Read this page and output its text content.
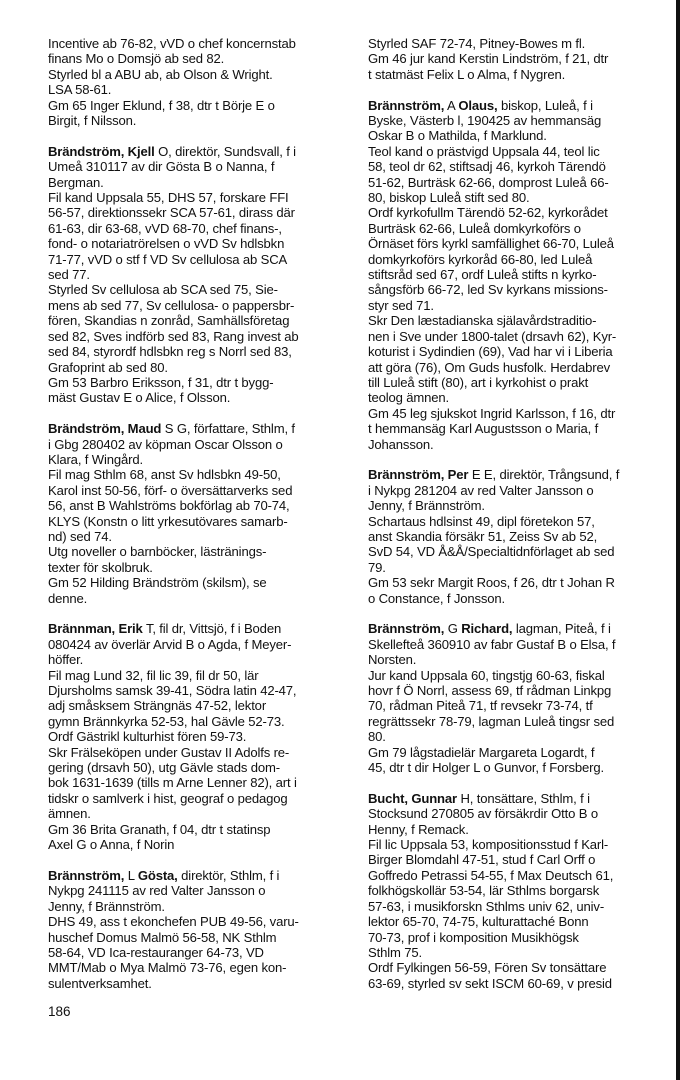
Incentive ab 76-82, vVD o chef koncernstab
finans Mo o Domsjö ab sed 82.
Styrled bl a ABU ab, ab Olson & Wright.
LSA 58-61.
Gm 65 Inger Eklund, f 38, dtr t Börje E o
Birgit, f Nilsson.
Brändström, Kjell O, direktör, Sundsvall, f i
Umeå 310117 av dir Gösta B o Nanna, f
Bergman.
Fil kand Uppsala 55, DHS 57, forskare FFI
56-57, direktionssekr SCA 57-61, dirass där
61-63, dir 63-68, vVD 68-70, chef finans-,
fond- o notariatrörelsen o vVD Sv hdlsbkn
71-77, vVD o stf f VD Sv cellulosa ab SCA
sed 77.
Styrled Sv cellulosa ab SCA sed 75, Sie-
mens ab sed 77, Sv cellulosa- o pappersbr-
fören, Skandias n zonråd, Samhällsföretag
sed 82, Sves indförb sed 83, Rang invest ab
sed 84, styrordf hdlsbkn reg s Norrl sed 83,
Grafoprint ab sed 80.
Gm 53 Barbro Eriksson, f 31, dtr t bygg-
mäst Gustav E o Alice, f Olsson.
Brändström, Maud S G, författare, Sthlm, f
i Gbg 280402 av köpman Oscar Olsson o
Klara, f Wingård.
Fil mag Sthlm 68, anst Sv hdlsbkn 49-50,
Karol inst 50-56, förf- o översättarverks sed
56, anst B Wahlströms bokförlag ab 70-74,
KLYS (Konstn o litt yrkesutövares samarb-
nd) sed 74.
Utg noveller o barnböcker, lästränings-
texter för skolbruk.
Gm 52 Hilding Brändström (skilsm), se
denne.
Brännman, Erik T, fil dr, Vittsjö, f i Boden
080424 av överlär Arvid B o Agda, f Meyer-
höffer.
Fil mag Lund 32, fil lic 39, fil dr 50, lär
Djursholms samsk 39-41, Södra latin 42-47,
adj småsksem Strängnäs 47-52, lektor
gymn Brännkyrka 52-53, hal Gävle 52-73.
Ordf Gästrikl kulturhist fören 59-73.
Skr Frälseköpen under Gustav II Adolfs re-
gering (drsavh 50), utg Gävle stads dom-
bok 1631-1639 (tills m Arne Lenner 82), art i
tidskr o samlverk i hist, geograf o pedagog
ämnen.
Gm 36 Brita Granath, f 04, dtr t statinsp
Axel G o Anna, f Norin
Brännström, L Gösta, direktör, Sthlm, f i
Nykpg 241115 av red Valter Jansson o
Jenny, f Brännström.
DHS 49, ass t ekonchefen PUB 49-56, varu-
huschef Domus Malmö 56-58, NK Sthlm
58-64, VD Ica-restauranger 64-73, VD
MMT/Mab o Mya Malmö 73-76, egen kon-
sulentverksamhet.
Styrled SAF 72-74, Pitney-Bowes m fl.
Gm 46 jur kand Kerstin Lindström, f 21, dtr
t statmäst Felix L o Alma, f Nygren.
Brännström, A Olaus, biskop, Luleå, f i
Byske, Västerb l, 190425 av hemmansäg
Oskar B o Mathilda, f Marklund.
Teol kand o prästvigd Uppsala 44, teol lic
58, teol dr 62, stiftsadj 46, kyrkoh Tärendö
51-62, Burträsk 62-66, domprost Luleå 66-
80, biskop Luleå stift sed 80.
Ordf kyrkofullm Tärendö 52-62, kyrkorådet
Burträsk 62-66, Luleå domkyrkoförs o
Örnäset förs kyrkl samfällighet 66-70, Luleå
domkyrkoförs kyrkoråd 66-80, led Luleå
stiftsråd sed 67, ordf Luleå stifts n kyrko-
sångsförb 66-72, led Sv kyrkans missions-
styr sed 71.
Skr Den læstadianska själavårdstraditio-
nen i Sve under 1800-talet (drsavh 62), Kyr-
koturist i Sydindien (69), Vad har vi i Liberia
att göra (76), Om Guds husfolk. Herdabrev
till Luleå stift (80), art i kyrkohist o prakt
teolog ämnen.
Gm 45 leg sjukskot Ingrid Karlsson, f 16, dtr
t hemmansäg Karl Augustsson o Maria, f
Johansson.
Brännström, Per E E, direktör, Trångsund, f
i Nykpg 281204 av red Valter Jansson o
Jenny, f Brännström.
Schartaus hdlsinst 49, dipl företekon 57,
anst Skandia försäkr 51, Zeiss Sv ab 52,
SvD 54, VD Å&Å/Specialtidnförlaget ab sed
79.
Gm 53 sekr Margit Roos, f 26, dtr t Johan R
o Constance, f Jonsson.
Brännström, G Richard, lagman, Piteå, f i
Skellefteå 360910 av fabr Gustaf B o Elsa, f
Norsten.
Jur kand Uppsala 60, tingstjg 60-63, fiskal
hovr f Ö Norrl, assess 69, tf rådman Linkpg
70, rådman Piteå 71, tf revsekr 73-74, tf
regrättssekr 78-79, lagman Luleå tingsr sed
80.
Gm 79 lågstadielär Margareta Logardt, f
45, dtr t dir Holger L o Gunvor, f Forsberg.
Bucht, Gunnar H, tonsättare, Sthlm, f i
Stocksund 270805 av försäkrdir Otto B o
Henny, f Remack.
Fil lic Uppsala 53, kompositionsstud f Karl-
Birger Blomdahl 47-51, stud f Carl Orff o
Goffredo Petrassi 54-55, f Max Deutsch 61,
folkhögskollär 53-54, lär Sthlms borgarsk
57-63, i musikforskn Sthlms univ 62, univ-
lektor 65-70, 74-75, kulturattaché Bonn
70-73, prof i komposition Musikhögsk
Sthlm 75.
Ordf Fylkingen 56-59, Fören Sv tonsättare
63-69, styrled sv sekt ISCM 60-69, v presid
186
